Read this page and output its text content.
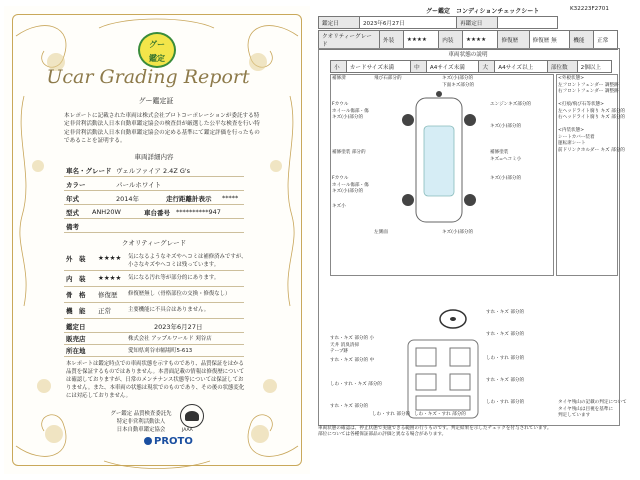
グー
鑑定
Ucar Grading Report
グー鑑定証
本レポートに記載された車両は株式会社プロトコーポレーションが委託する特定非営利活動法人日本自動車鑑定協会の検査員が厳選した公平な検査を行い特定非営利活動法人日本自動車鑑定協会の定める基準にて鑑定評価を行ったものであることを証明する。
車両詳細内容
車名・グレード ヴェルファイア 2.4Z G's
カラー	パールホワイト
年式	2014年	走行距離計表示 *****
型式 ANH20W	車台番号 **********947
備考
クオリティーグレード
外　装 ★★★★ 気になるようなキズやヘコミは補修済みですが、小さなキズやヘコミは残っています。
内　装 ★★★★ 気になる汚れ等が部分的にあります。
骨　格 修復歴 修復歴無し（骨格部位の交換・修復なし）
機　能 正常	主要機能に不具合はありません。
鑑定日	2023年6月27日
販売店	株式会社 アップルワールド 刈谷店
所在地	愛知県刈谷市幅場町5-613
本レポートは鑑定時点での車両状態を示すものであり、品質保証をはかる品質を保証するものではありません。本書面記載の情報は修復歴については確認しておりますが、日常のメンテナンス状態等については保証しておりません。また、本車両の状態は現状でのものであり、その後の状態変化には対応しておりません。
グー鑑定 品質検査委託先
特定非営利活動法人
日本自動車鑑定協会	JAAA
PROTO
グー鑑定　コンディションチェックシート	K32223F2701
鑑定日	2023年6月27日	再鑑定日	
クオリティーグレード	外装	★★★★	内装	★★★★	修復歴	修復歴 無	機能	正常
車両状態の説明
小	カードサイズ未満	中	A4サイズ未満	大	A4サイズ以上	部位数	2個以上
補修済	飛び石部分的	キズ(小)部分的
下面キズ部分的
Fカウル
ホイール傷部・傷
キズ(小)部分的
エンジンキズ部分的
キズ(小)部分的
補修塗装 部分的	補修塗装
キズ=ヘコミ小
Fカウル
ホイール傷部・傷
キズ(小)部分的
キズ(小)部分的
キズ小
左側面	キズ(小)部分的
<外板状態>
左フロントフェンダー 調整跡
右フロントフェンダー 調整跡

<打痕/飛び石等状態>
左ヘッドライト腐り キズ 部分的
右ヘッドライト腐り キズ 部分的

<内装状態>
シートカバー装着
運転席シート
前ドリンクホルダー キズ 部分的
すれ・キズ 部分的 小
天井 消臭清掃
テープ跡
すれ・キズ 部分的
すれ・キズ 部分的
すれ・キズ 部分的 中	しわ・すれ 部分的
すれ・キズ 部分的
しわ・すれ・キズ 部分的
しわ・すれ 部分的
すれ・キズ 部分的
しわ・キズ・すれ 部分的
しわ・すれ 部分的
タイヤ残山の記載の判定について
タイヤ残山は目視を基準に
判定しています
車両状態の確認は、停止状態で実施できる範囲の行うものです。判定結果を示したチェックを付与されています。
部位については各種保証部品の評価と異なる場合があります。
